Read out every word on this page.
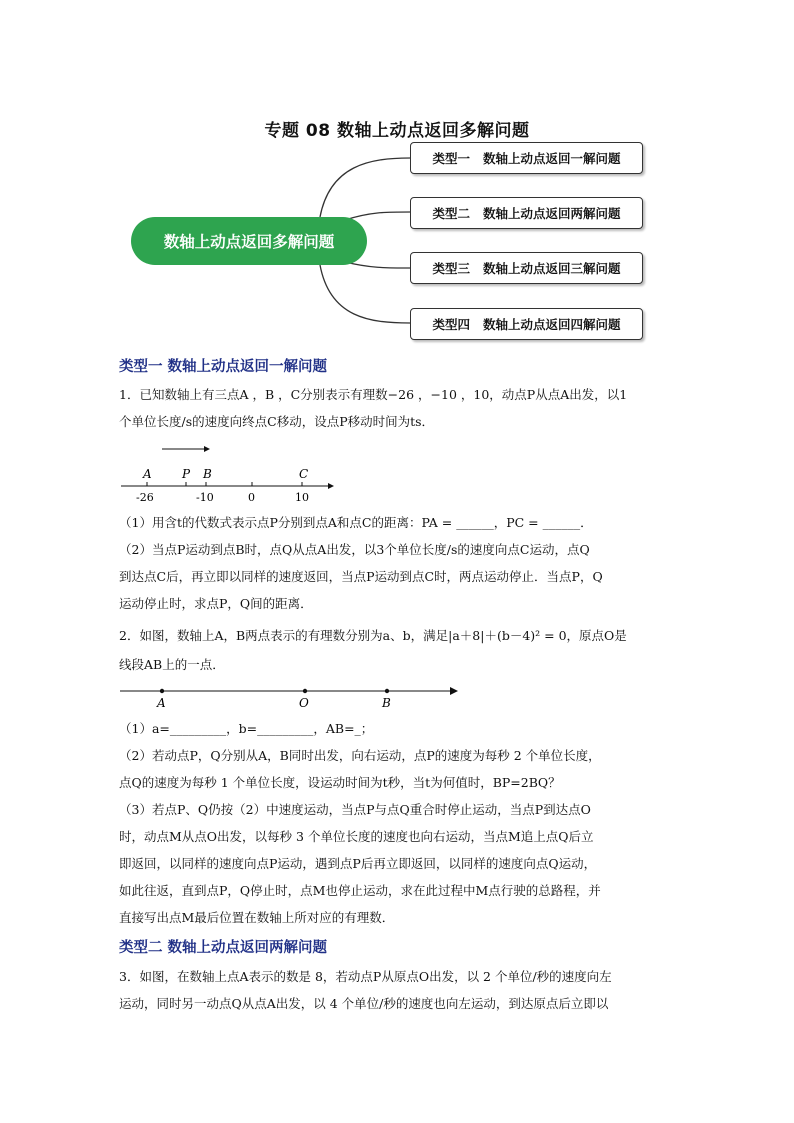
专题 08 数轴上动点返回多解问题
数轴上动点返回多解问题
类型一   数轴上动点返回一解问题
类型二   数轴上动点返回两解问题
类型三   数轴上动点返回三解问题
类型四   数轴上动点返回四解问题
类型一 数轴上动点返回一解问题
1．已知数轴上有三点A ，B ，C分别表示有理数−26 ，−10 ，10，动点P从点A出发，以1
个单位长度/s的速度向终点C移动，设点P移动时间为ts．
A	P B	C
-26	-10	0	10
（1）用含t的代数式表示点P分别到点A和点C的距离：PA = ______，PC = ______．
（2）当点P运动到点B时，点Q从点A出发，以3个单位长度/s的速度向点C运动，点Q
到达点C后，再立即以同样的速度返回，当点P运动到点C时，两点运动停止．当点P，Q
运动停止时，求点P，Q间的距离．
2．如图，数轴上A，B两点表示的有理数分别为a、b，满足|a＋8|＋(b－4)² = 0，原点O是
线段AB上的一点．
A	O	B
（1）a=_________，b=_________，AB=_；
（2）若动点P，Q分别从A，B同时出发，向右运动，点P的速度为每秒 2 个单位长度，
点Q的速度为每秒 1 个单位长度，设运动时间为t秒，当t为何值时，BP=2BQ？
（3）若点P、Q仍按（2）中速度运动，当点P与点Q重合时停止运动，当点P到达点O
时，动点M从点O出发，以每秒 3 个单位长度的速度也向右运动，当点M追上点Q后立
即返回，以同样的速度向点P运动，遇到点P后再立即返回，以同样的速度向点Q运动，
如此往返，直到点P，Q停止时，点M也停止运动，求在此过程中M点行驶的总路程，并
直接写出点M最后位置在数轴上所对应的有理数．
类型二 数轴上动点返回两解问题
3．如图，在数轴上点A表示的数是 8，若动点P从原点O出发，以 2 个单位/秒的速度向左
运动，同时另一动点Q从点A出发，以 4 个单位/秒的速度也向左运动，到达原点后立即以
